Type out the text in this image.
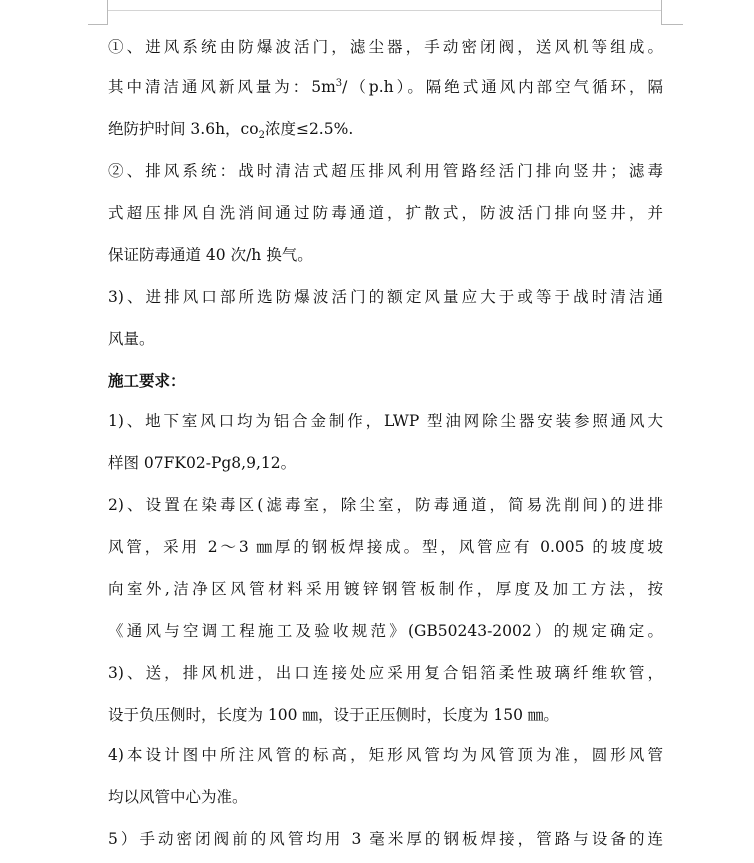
①、进风系统由防爆波活门，滤尘器，手动密闭阀，送风机等组成。
其中清洁通风新风量为：$5m^3/(p.h)$。隔绝式通风内部空气循环，隔
绝防护时间 3.6h，$co_2$浓度≤2.5%.
②、排风系统：战时清洁式超压排风利用管路经活门排向竖井；滤毒
式超压排风自洗消间通过防毒通道，扩散式，防波活门排向竖井，并
保证防毒通道 40 次/h 换气。
3)、进排风口部所选防爆波活门的额定风量应大于或等于战时清洁通
风量。
施工要求：
1)、地下室风口均为铝合金制作，LWP 型油网除尘器安装参照通风大
样图 07FK02-Pg8,9,12。
2)、设置在染毒区(滤毒室，除尘室，防毒通道，简易洗削间)的进排
风管，采用 2～3 ㎜厚的钢板焊接成。型，风管应有 0.005 的坡度坡
向室外,洁净区风管材料采用镀锌钢管板制作，厚度及加工方法，按
《通风与空调工程施工及验收规范》(GB50243-2002）的规定确定。
3)、送，排风机进，出口连接处应采用复合铝箔柔性玻璃纤维软管，
设于负压侧时，长度为 100 ㎜，设于正压侧时，长度为 150 ㎜。
4)本设计图中所注风管的标高，矩形风管均为风管顶为准，圆形风管
均以风管中心为准。
5）手动密闭阀前的风管均用 3 毫米厚的钢板焊接，管路与设备的连
